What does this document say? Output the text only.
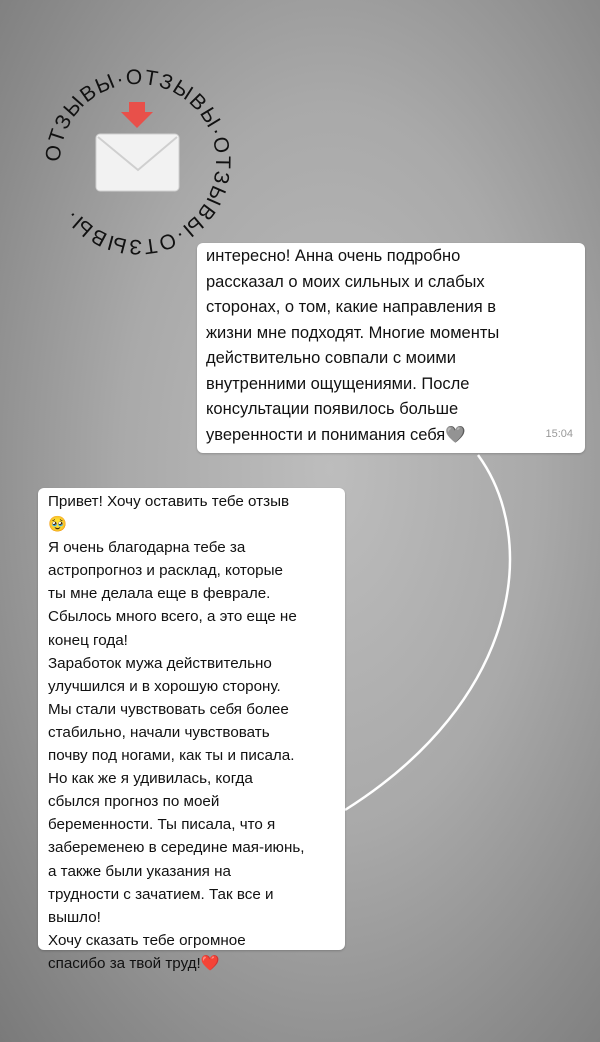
ОТЗЫВЫ·ОТЗЫВЫ·ОТЗЫВЫ·ОТЗЫВЫ·
интересно! Анна очень подробно
рассказал о моих сильных и слабых
сторонах, о том, какие направления в
жизни мне подходят. Многие моменты
действительно совпали с моими
внутренними ощущениями. После
консультации появилось больше
уверенности и понимания себя🩶	15:04
Привет! Хочу оставить тебе отзыв
🥹
Я очень благодарна тебе за
астропрогноз и расклад, которые
ты мне делала еще в феврале.
Сбылось много всего, а это еще не
конец года!
Заработок мужа действительно
улучшился и в хорошую сторону.
Мы стали чувствовать себя более
стабильно, начали чувствовать
почву под ногами, как ты и писала.
Но как же я удивилась, когда
сбылся прогноз по моей
беременности. Ты писала, что я
забеременею в середине мая-июнь,
а также были указания на
трудности с зачатием. Так все и
вышло!
Хочу сказать тебе огромное
спасибо за твой труд!❤️
